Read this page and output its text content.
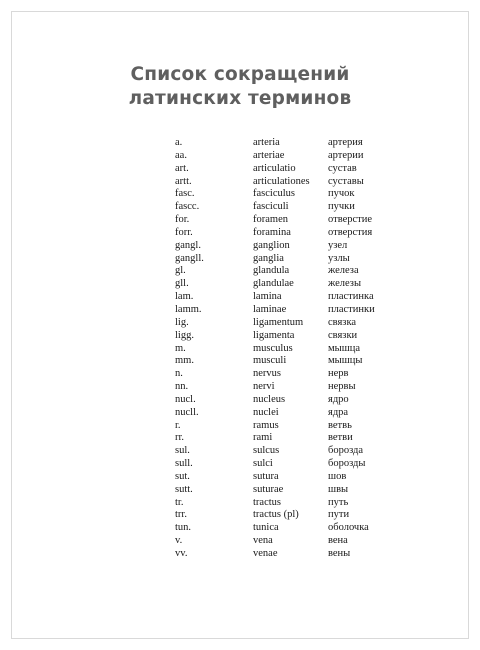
Список сокращений
латинских терминов
a.	arteria	артерия
aa.	arteriae	артерии
art.	articulatio	сустав
artt.	articulationes суставы
fasc.	fasciculus	пучок
fascc.	fasciculi	пучки
for.	foramen	отверстие
forr.	foramina	отверстия
gangl.	ganglion	узел
gangll.	ganglia	узлы
gl.	glandula	железа
gll.	glandulae	железы
lam.	lamina	пластинка
lamm.	laminae	пластинки
lig.	ligamentum связка
ligg.	ligamenta	связки
m.	musculus	мышца
mm.	musculi	мышцы
n.	nervus	нерв
nn.	nervi	нервы
nucl.	nucleus	ядро
nucll.	nuclei	ядра
r.	ramus	ветвь
rr.	rami	ветви
sul.	sulcus	борозда
sull.	sulci	борозды
sut.	sutura	шов
sutt.	suturae	швы
tr.	tractus	путь
trr.	tractus (pl)	пути
tun.	tunica	оболочка
v.	vena	вена
vv.	venae	вены
